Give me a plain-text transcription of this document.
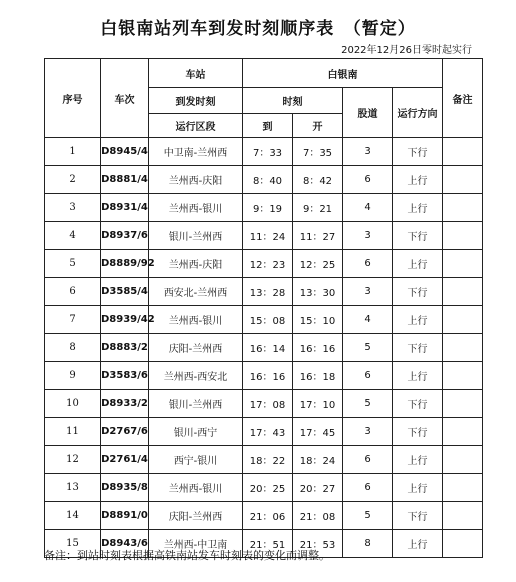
白银南站列车到发时刻顺序表　（暂定）
2022年12月26日零时起实行
序号	车次	车站	白银南				备注
		到发时刻	时刻		股道	运行方向	
		运行区段	到	开			
1	D8945/4	中卫南-兰州西	7：33	7：35	3	下行	
2	D8881/4	兰州西-庆阳	8：40	8：42	6	上行	
3	D8931/4	兰州西-银川	9：19	9：21	4	上行	
4	D8937/6	银川-兰州西	11：24	11：27	3	下行	
5	D8889/92	兰州西-庆阳	12：23	12：25	6	上行	
6	D3585/4	西安北-兰州西	13：28	13：30	3	下行	
7	D8939/42	兰州西-银川	15：08	15：10	4	上行	
8	D8883/2	庆阳-兰州西	16：14	16：16	5	下行	
9	D3583/6	兰州西-西安北	16：16	16：18	6	上行	
10	D8933/2	银川-兰州西	17：08	17：10	5	下行	
11	D2767/6	银川-西宁	17：43	17：45	3	下行	
12	D2761/4	西宁-银川	18：22	18：24	6	上行	
13	D8935/8	兰州西-银川	20：25	20：27	6	上行	
14	D8891/0	庆阳-兰州西	21：06	21：08	5	下行	
15	D8943/6	兰州西-中卫南	21：51	21：53	8	上行	
备注：到站时刻表根据高铁南站发车时刻表的变化而调整。
